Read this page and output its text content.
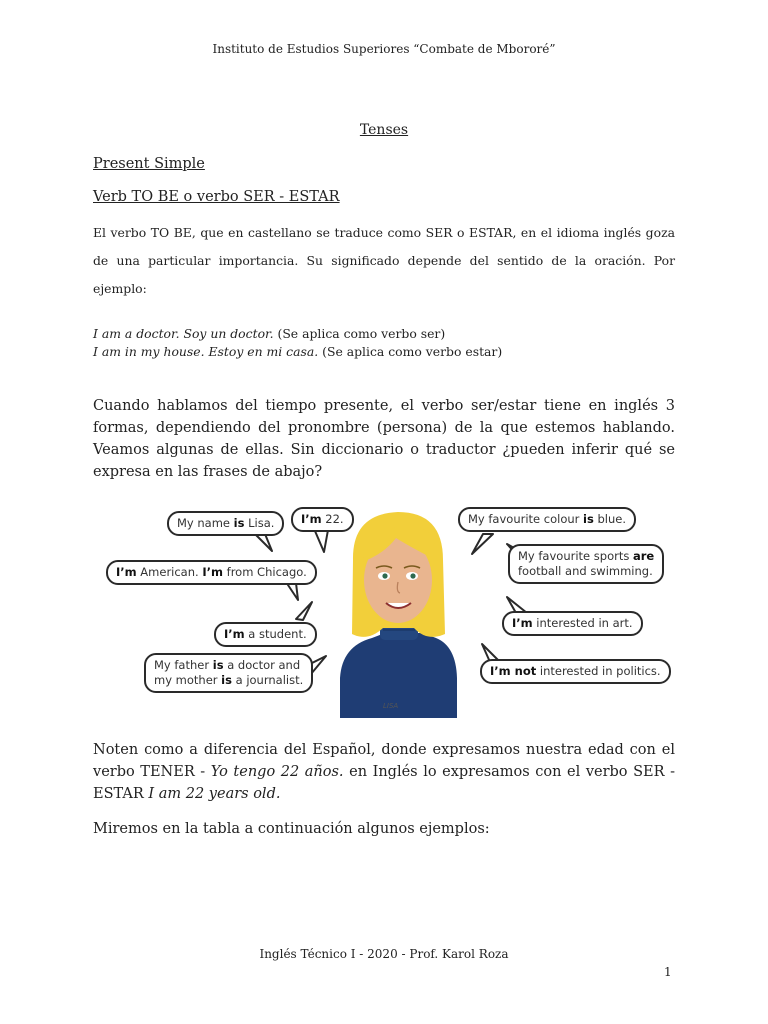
Instituto de Estudios Superiores “Combate de Mbororé”
Tenses
Present Simple
Verb TO BE o verbo SER - ESTAR
El verbo TO BE, que en castellano se traduce como SER o ESTAR, en el idioma inglés goza
de una particular importancia. Su significado depende del sentido de la oración. Por
ejemplo:
I am a doctor. Soy un doctor. (Se aplica como verbo ser)
I am in my house. Estoy en mi casa. (Se aplica como verbo estar)
Cuando hablamos del tiempo presente, el verbo ser/estar tiene en inglés 3
formas, dependiendo del pronombre (persona) de la que estemos hablando.
Veamos algunas de ellas. Sin diccionario o traductor ¿pueden inferir qué se
expresa en las frases de abajo?
My name is Lisa.	I’m 22.
I’m American. I’m from Chicago.
I’m a student.
My father is a doctor and
my mother is a journalist.
My favourite colour is blue.
My favourite sports are
football and swimming.
I’m interested in art.
I’m not interested in politics.
LISA
Noten como a diferencia del Español, donde expresamos nuestra edad con el
verbo TENER - Yo tengo 22 años. en Inglés lo expresamos con el verbo SER -
ESTAR I am 22 years old.
Miremos en la tabla a continuación algunos ejemplos:
Inglés Técnico I - 2020 - Prof. Karol Roza
1
